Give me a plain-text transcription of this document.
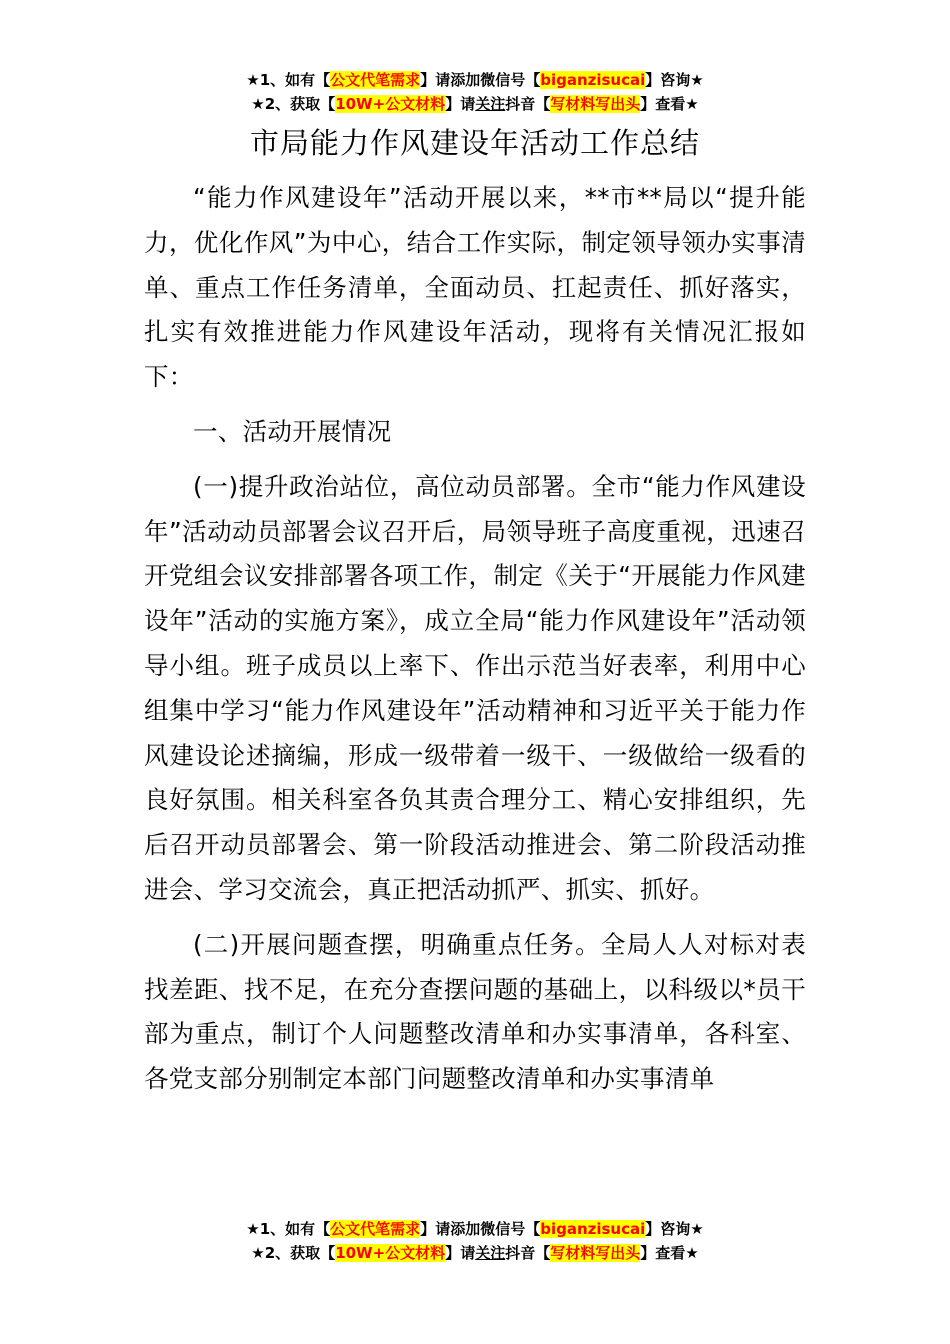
★1、如有【公文代笔需求】请添加微信号【biganzisucai】咨询★
★2、获取【10W+公文材料】请关注抖音【写材料写出头】查看★
市局能力作风建设年活动工作总结

“能力作风建设年”活动开展以来，**市**局以“提升能力，优化作风”为中心，结合工作实际，制定领导领办实事清单、重点工作任务清单，全面动员、扛起责任、抓好落实，扎实有效推进能力作风建设年活动，现将有关情况汇报如下：

一、活动开展情况

(一)提升政治站位，高位动员部署。全市“能力作风建设年”活动动员部署会议召开后，局领导班子高度重视，迅速召开党组会议安排部署各项工作，制定《关于“开展能力作风建设年”活动的实施方案》，成立全局“能力作风建设年”活动领导小组。班子成员以上率下、作出示范当好表率，利用中心组集中学习“能力作风建设年”活动精神和习近平关于能力作风建设论述摘编，形成一级带着一级干、一级做给一级看的良好氛围。相关科室各负其责合理分工、精心安排组织，先后召开动员部署会、第一阶段活动推进会、第二阶段活动推进会、学习交流会，真正把活动抓严、抓实、抓好。

(二)开展问题查摆，明确重点任务。全局人人对标对表找差距、找不足，在充分查摆问题的基础上，以科级以*员干部为重点，制订个人问题整改清单和办实事清单，各科室、各党支部分别制定本部门问题整改清单和办实事清单

★1、如有【公文代笔需求】请添加微信号【biganzisucai】咨询★
★2、获取【10W+公文材料】请关注抖音【写材料写出头】查看★
